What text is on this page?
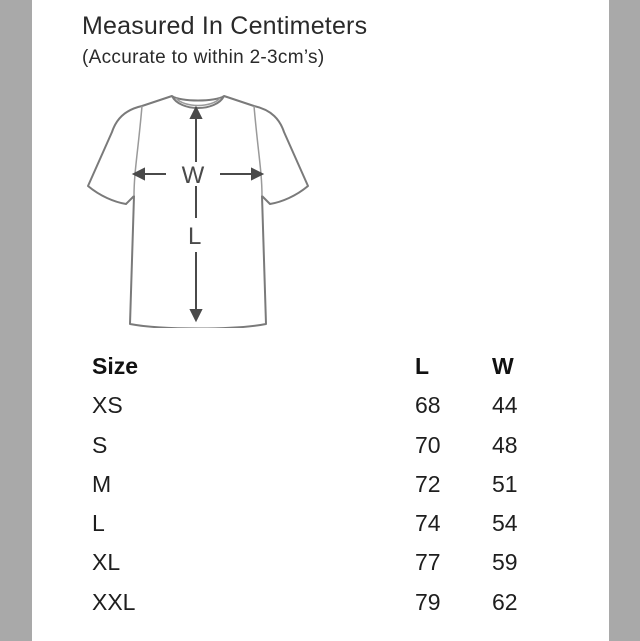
Measured In Centimeters
(Accurate to within 2-3cm’s)
W
L
Size	L	W
XS	68 44
S	70 48
M	72 51
L	74 54
XL	77 59
XXL	79 62
